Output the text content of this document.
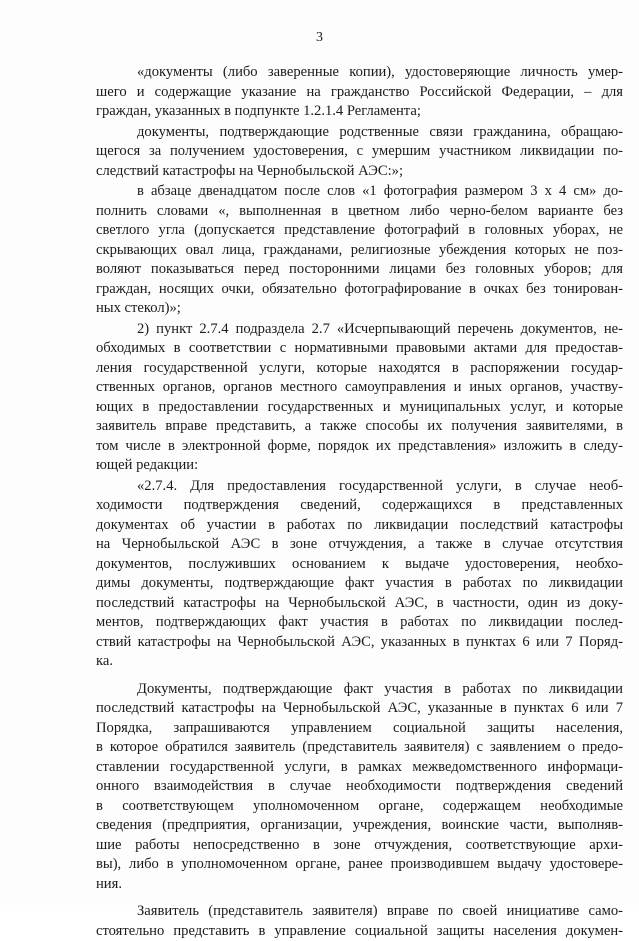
3

«документы (либо заверенные копии), удостоверяющие личность умер-
шего и содержащие указание на гражданство Российской Федерации, – для
граждан, указанных в подпункте 1.2.1.4 Регламента;

документы, подтверждающие родственные связи гражданина, обращаю-
щегося за получением удостоверения, с умершим участником ликвидации по-
следствий катастрофы на Чернобыльской АЭС:»;

в абзаце двенадцатом после слов «1 фотография размером 3 х 4 см» до-
полнить словами «, выполненная в цветном либо черно-белом варианте без
светлого угла (допускается представление фотографий в головных уборах, не
скрывающих овал лица, гражданами, религиозные убеждения которых не поз-
воляют показываться перед посторонними лицами без головных уборов; для
граждан, носящих очки, обязательно фотографирование в очках без тонирован-
ных стекол)»;

2) пункт 2.7.4 подраздела 2.7 «Исчерпывающий перечень документов, не-
обходимых в соответствии с нормативными правовыми актами для предостав-
ления государственной услуги, которые находятся в распоряжении государ-
ственных органов, органов местного самоуправления и иных органов, участву-
ющих в предоставлении государственных и муниципальных услуг, и которые
заявитель вправе представить, а также способы их получения заявителями, в
том числе в электронной форме, порядок их представления» изложить в следу-
ющей редакции:

«2.7.4. Для предоставления государственной услуги, в случае необ-
ходимости подтверждения сведений, содержащихся в представленных
документах об участии в работах по ликвидации последствий катастрофы
на Чернобыльской АЭС в зоне отчуждения, а также в случае отсутствия
документов, послуживших основанием к выдаче удостоверения, необхо-
димы документы, подтверждающие факт участия в работах по ликвидации
последствий катастрофы на Чернобыльской АЭС, в частности, один из доку-
ментов, подтверждающих факт участия в работах по ликвидации послед-
ствий катастрофы на Чернобыльской АЭС, указанных в пунктах 6 или 7 Поряд-
ка.

Документы, подтверждающие факт участия в работах по ликвидации
последствий катастрофы на Чернобыльской АЭС, указанные в пунктах 6 или 7
Порядка, запрашиваются управлением социальной защиты населения,
в которое обратился заявитель (представитель заявителя) с заявлением о предо-
ставлении государственной услуги, в рамках межведомственного информаци-
онного взаимодействия в случае необходимости подтверждения сведений
в соответствующем уполномоченном органе, содержащем необходимые
сведения (предприятия, организации, учреждения, воинские части, выполняв-
шие работы непосредственно в зоне отчуждения, соответствующие архи-
вы), либо в уполномоченном органе, ранее производившем выдачу удостовере-
ния.

Заявитель (представитель заявителя) вправе по своей инициативе само-
стоятельно представить в управление социальной защиты населения докумен-
